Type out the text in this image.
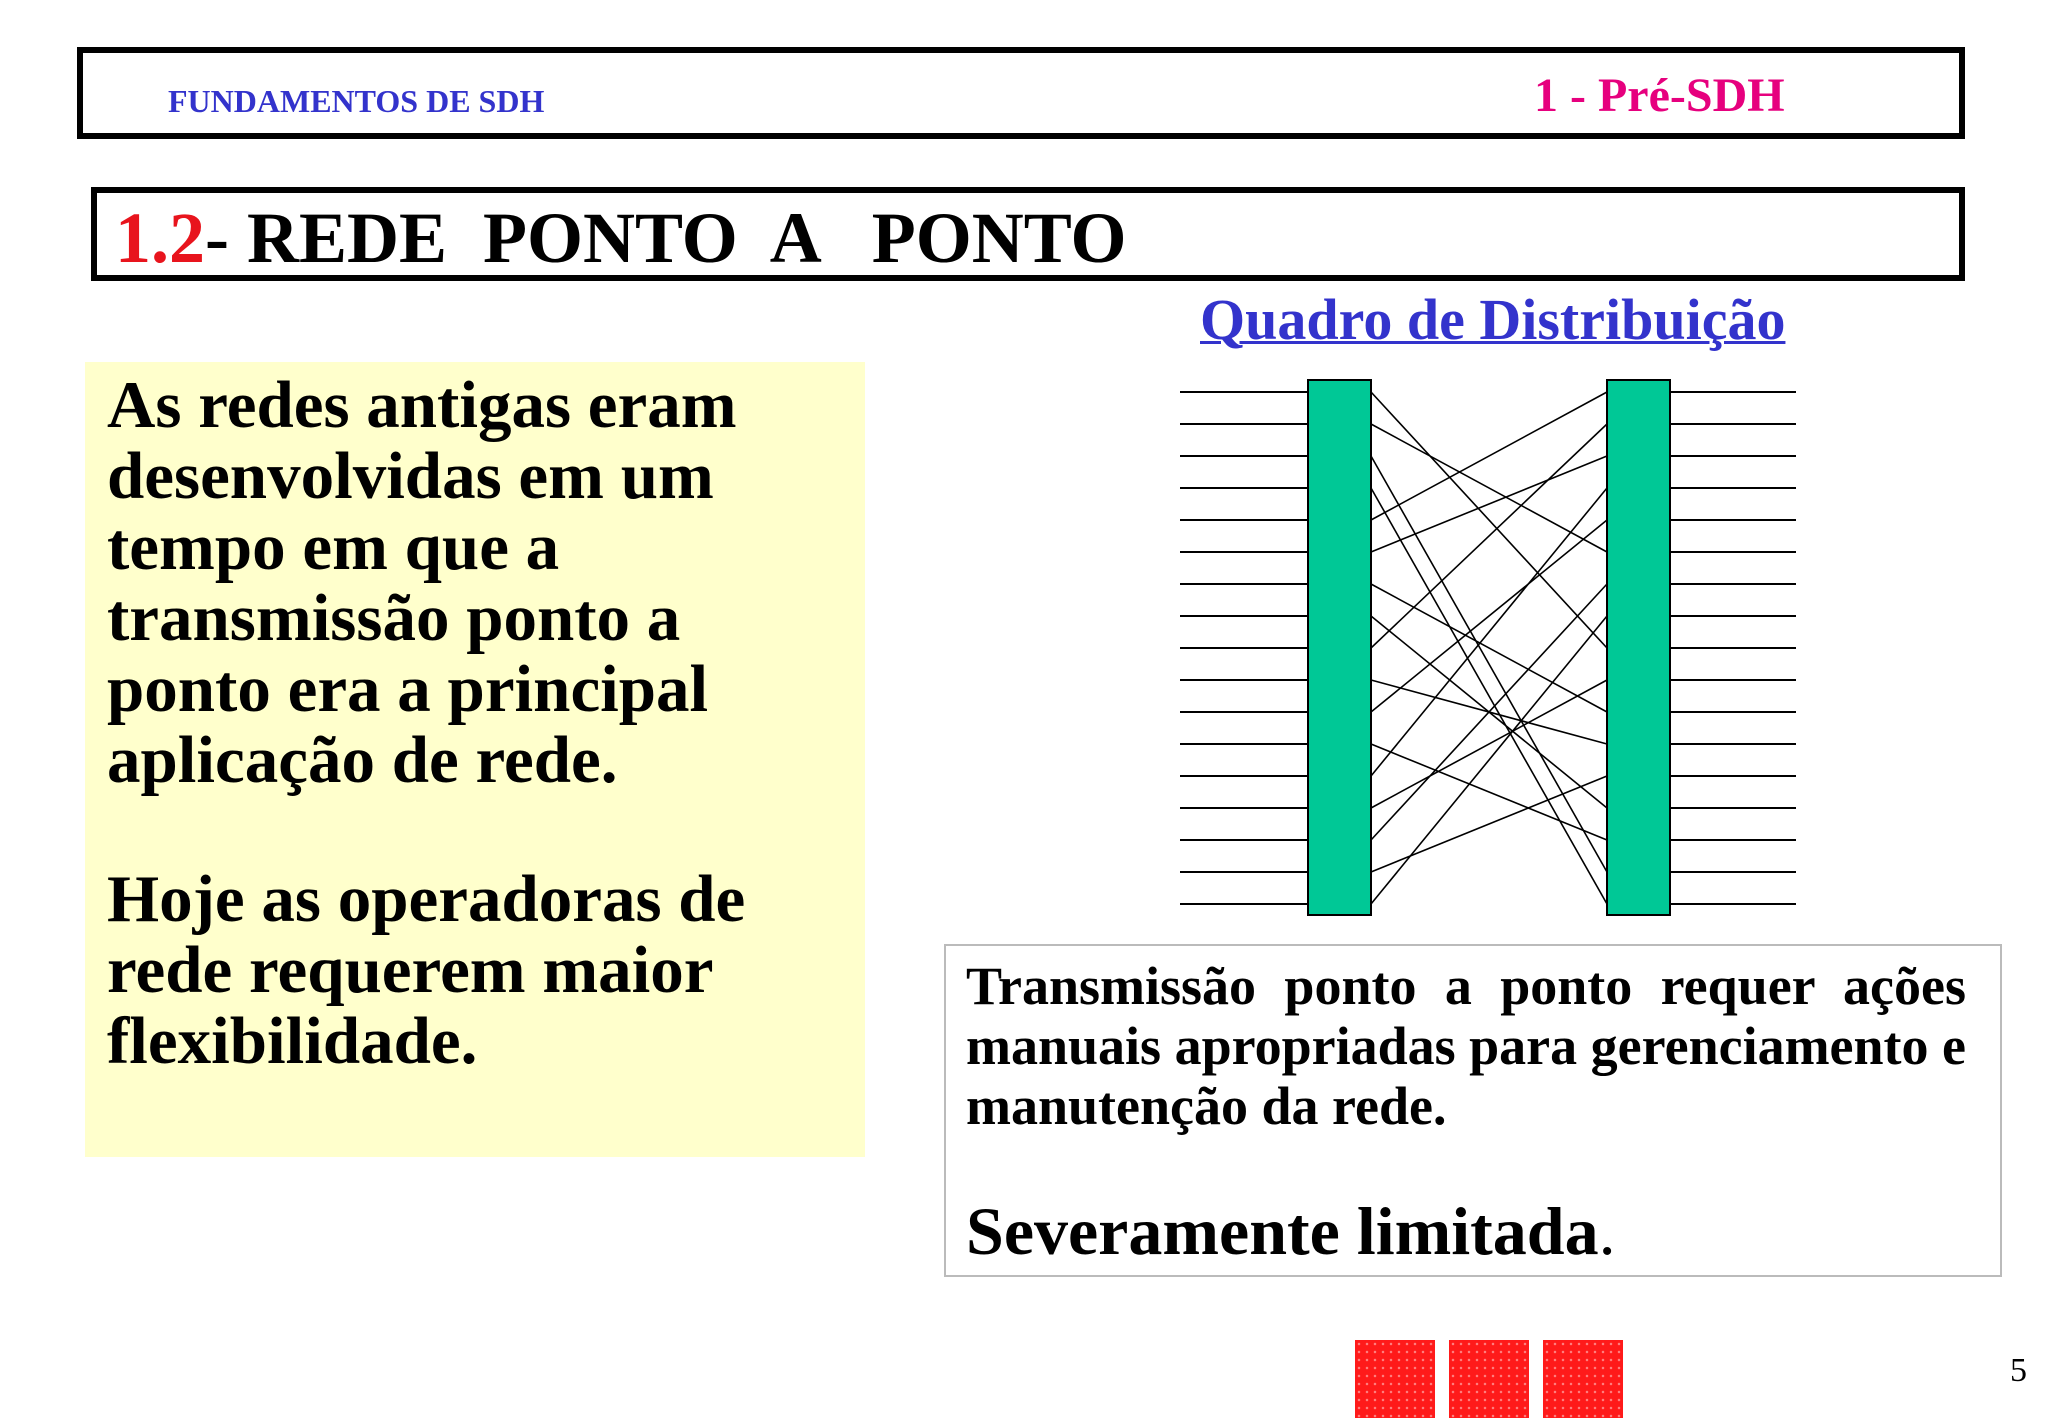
FUNDAMENTOS DE SDH	1 - Pré-SDH
1.2- REDE  PONTO  A   PONTO
Quadro de Distribuição

As redes antigas eram
desenvolvidas em um
tempo em que a
transmissão ponto a
ponto era a principal
aplicação de rede.

Hoje as operadoras de
rede requerem maior
flexibilidade.

Transmissão ponto a ponto requer ações manuais apropriadas para gerenciamento e manutenção da rede.

Severamente limitada.
5
